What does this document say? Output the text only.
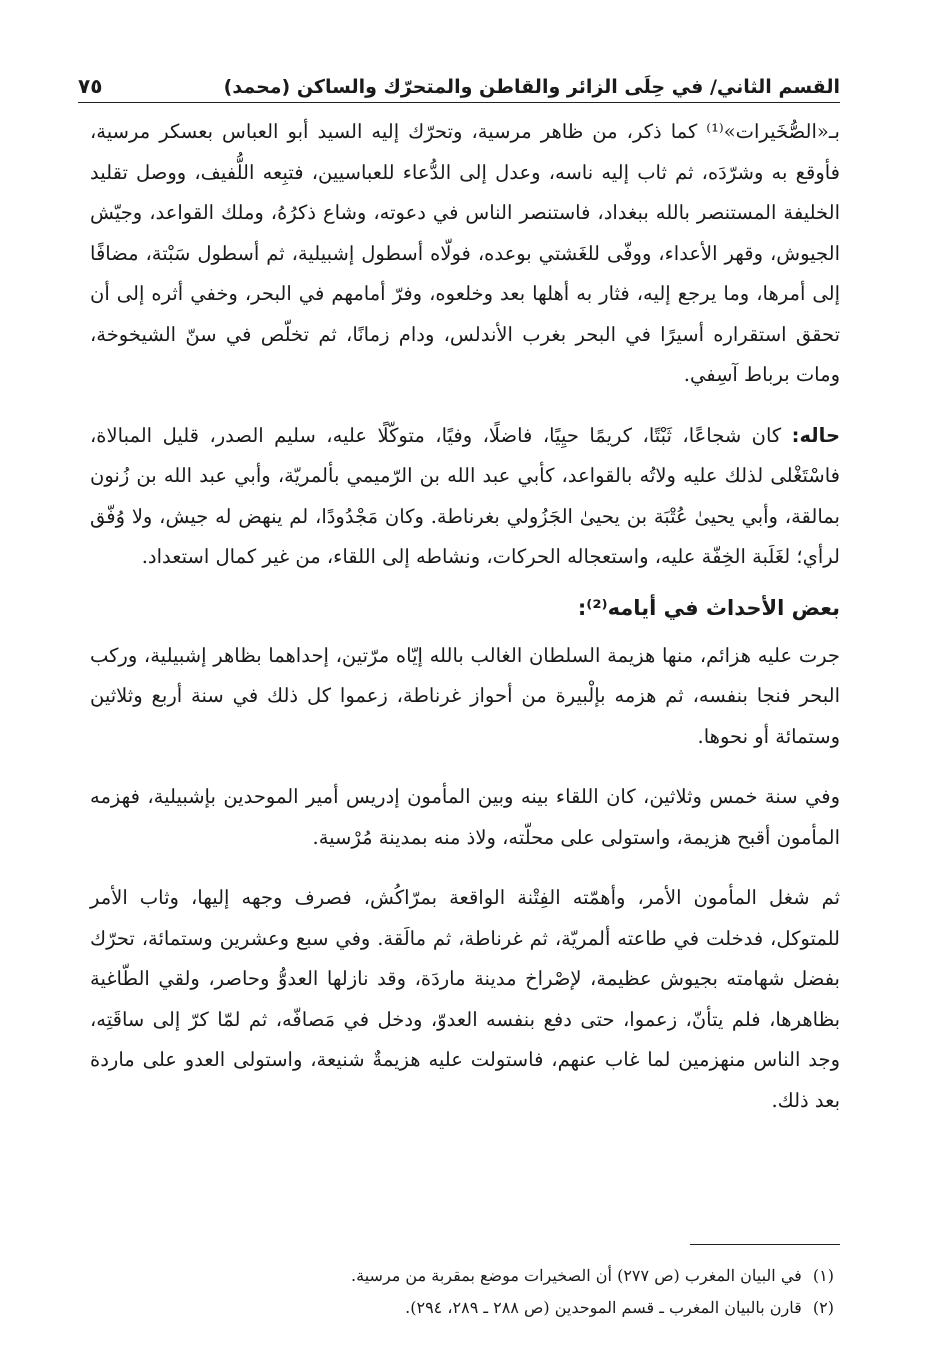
القسم الثاني/ في حِلَى الزائر والقاطن والمتحرّك والساكن (محمد)
٧٥

بـ«الصُّخَيرات»⁽¹⁾ كما ذكر، من ظاهر مرسية، وتحرّك إليه السيد أبو العباس بعسكر مرسية، فأوقع به وشرّدَه، ثم ثاب إليه ناسه، وعدل إلى الدُّعاء للعباسيين، فتبِعه اللُّفيف، ووصل تقليد الخليفة المستنصر بالله ببغداد، فاستنصر الناس في دعوته، وشاع ذكرُهُ، وملك القواعد، وجيّش الجيوش، وقهر الأعداء، ووفّى للغَشتي بوعده، فولّاه أسطول إشبيلية، ثم أسطول سَبْتة، مضافًا إلى أمرها، وما يرجع إليه، فثار به أهلها بعد وخلعوه، وفرّ أمامهم في البحر، وخفي أثره إلى أن تحقق استقراره أسيرًا في البحر بغرب الأندلس، ودام زمانًا، ثم تخلّص في سنّ الشيخوخة، ومات برباط آسِفي.

حاله: كان شجاعًا، ثَبْتًا، كريمًا حيِيًا، فاضلًا، وفيًا، متوكّلًا عليه، سليم الصدر، قليل المبالاة، فاسْتَغْلى لذلك عليه ولاتُه بالقواعد، كأبي عبد الله بن الرّميمي بألمريّة، وأبي عبد الله بن زُنون بمالقة، وأبي يحيىٰ عُتْبَة بن يحيىٰ الجَزُولي بغرناطة. وكان مَجْدُودًا، لم ينهض له جيش، ولا وُفّق لرأي؛ لغَلَبة الخِفّة عليه، واستعجاله الحركات، ونشاطه إلى اللقاء، من غير كمال استعداد.

بعض الأحداث في أيامه⁽²⁾:

جرت عليه هزائم، منها هزيمة السلطان الغالب بالله إيّاه مرّتين، إحداهما بظاهر إشبيلية، وركب البحر فنجا بنفسه، ثم هزمه بإلْبيرة من أحواز غرناطة، زعموا كل ذلك في سنة أربع وثلاثين وستمائة أو نحوها.

وفي سنة خمس وثلاثين، كان اللقاء بينه وبين المأمون إدريس أمير الموحدين بإشبيلية، فهزمه المأمون أقبح هزيمة، واستولى على محلّته، ولاذ منه بمدينة مُرْسية.

ثم شغل المأمون الأمر، وأهمّته الفِتْنة الواقعة بمرّاكُش، فصرف وجهه إليها، وثاب الأمر للمتوكل، فدخلت في طاعته ألمريّة، ثم غرناطة، ثم مالَقة. وفي سبع وعشرين وستمائة، تحرّك بفضل شهامته بجيوش عظيمة، لإصْراخ مدينة ماردَة، وقد نازلها العدوُّ وحاصر، ولقي الطّاغية بظاهرها، فلم يتأنّ، زعموا، حتى دفع بنفسه العدوّ، ودخل في مَصافّه، ثم لمّا كرّ إلى ساقَتِه، وجد الناس منهزمين لما غاب عنهم، فاستولت عليه هزيمةٌ شنيعة، واستولى العدو على ماردة بعد ذلك.

(١) في البيان المغرب (ص ٢٧٧) أن الصخيرات موضع بمقربة من مرسية.
(٢) قارن بالبيان المغرب ـ قسم الموحدين (ص ٢٨٨ ـ ٢٨٩، ٢٩٤).
